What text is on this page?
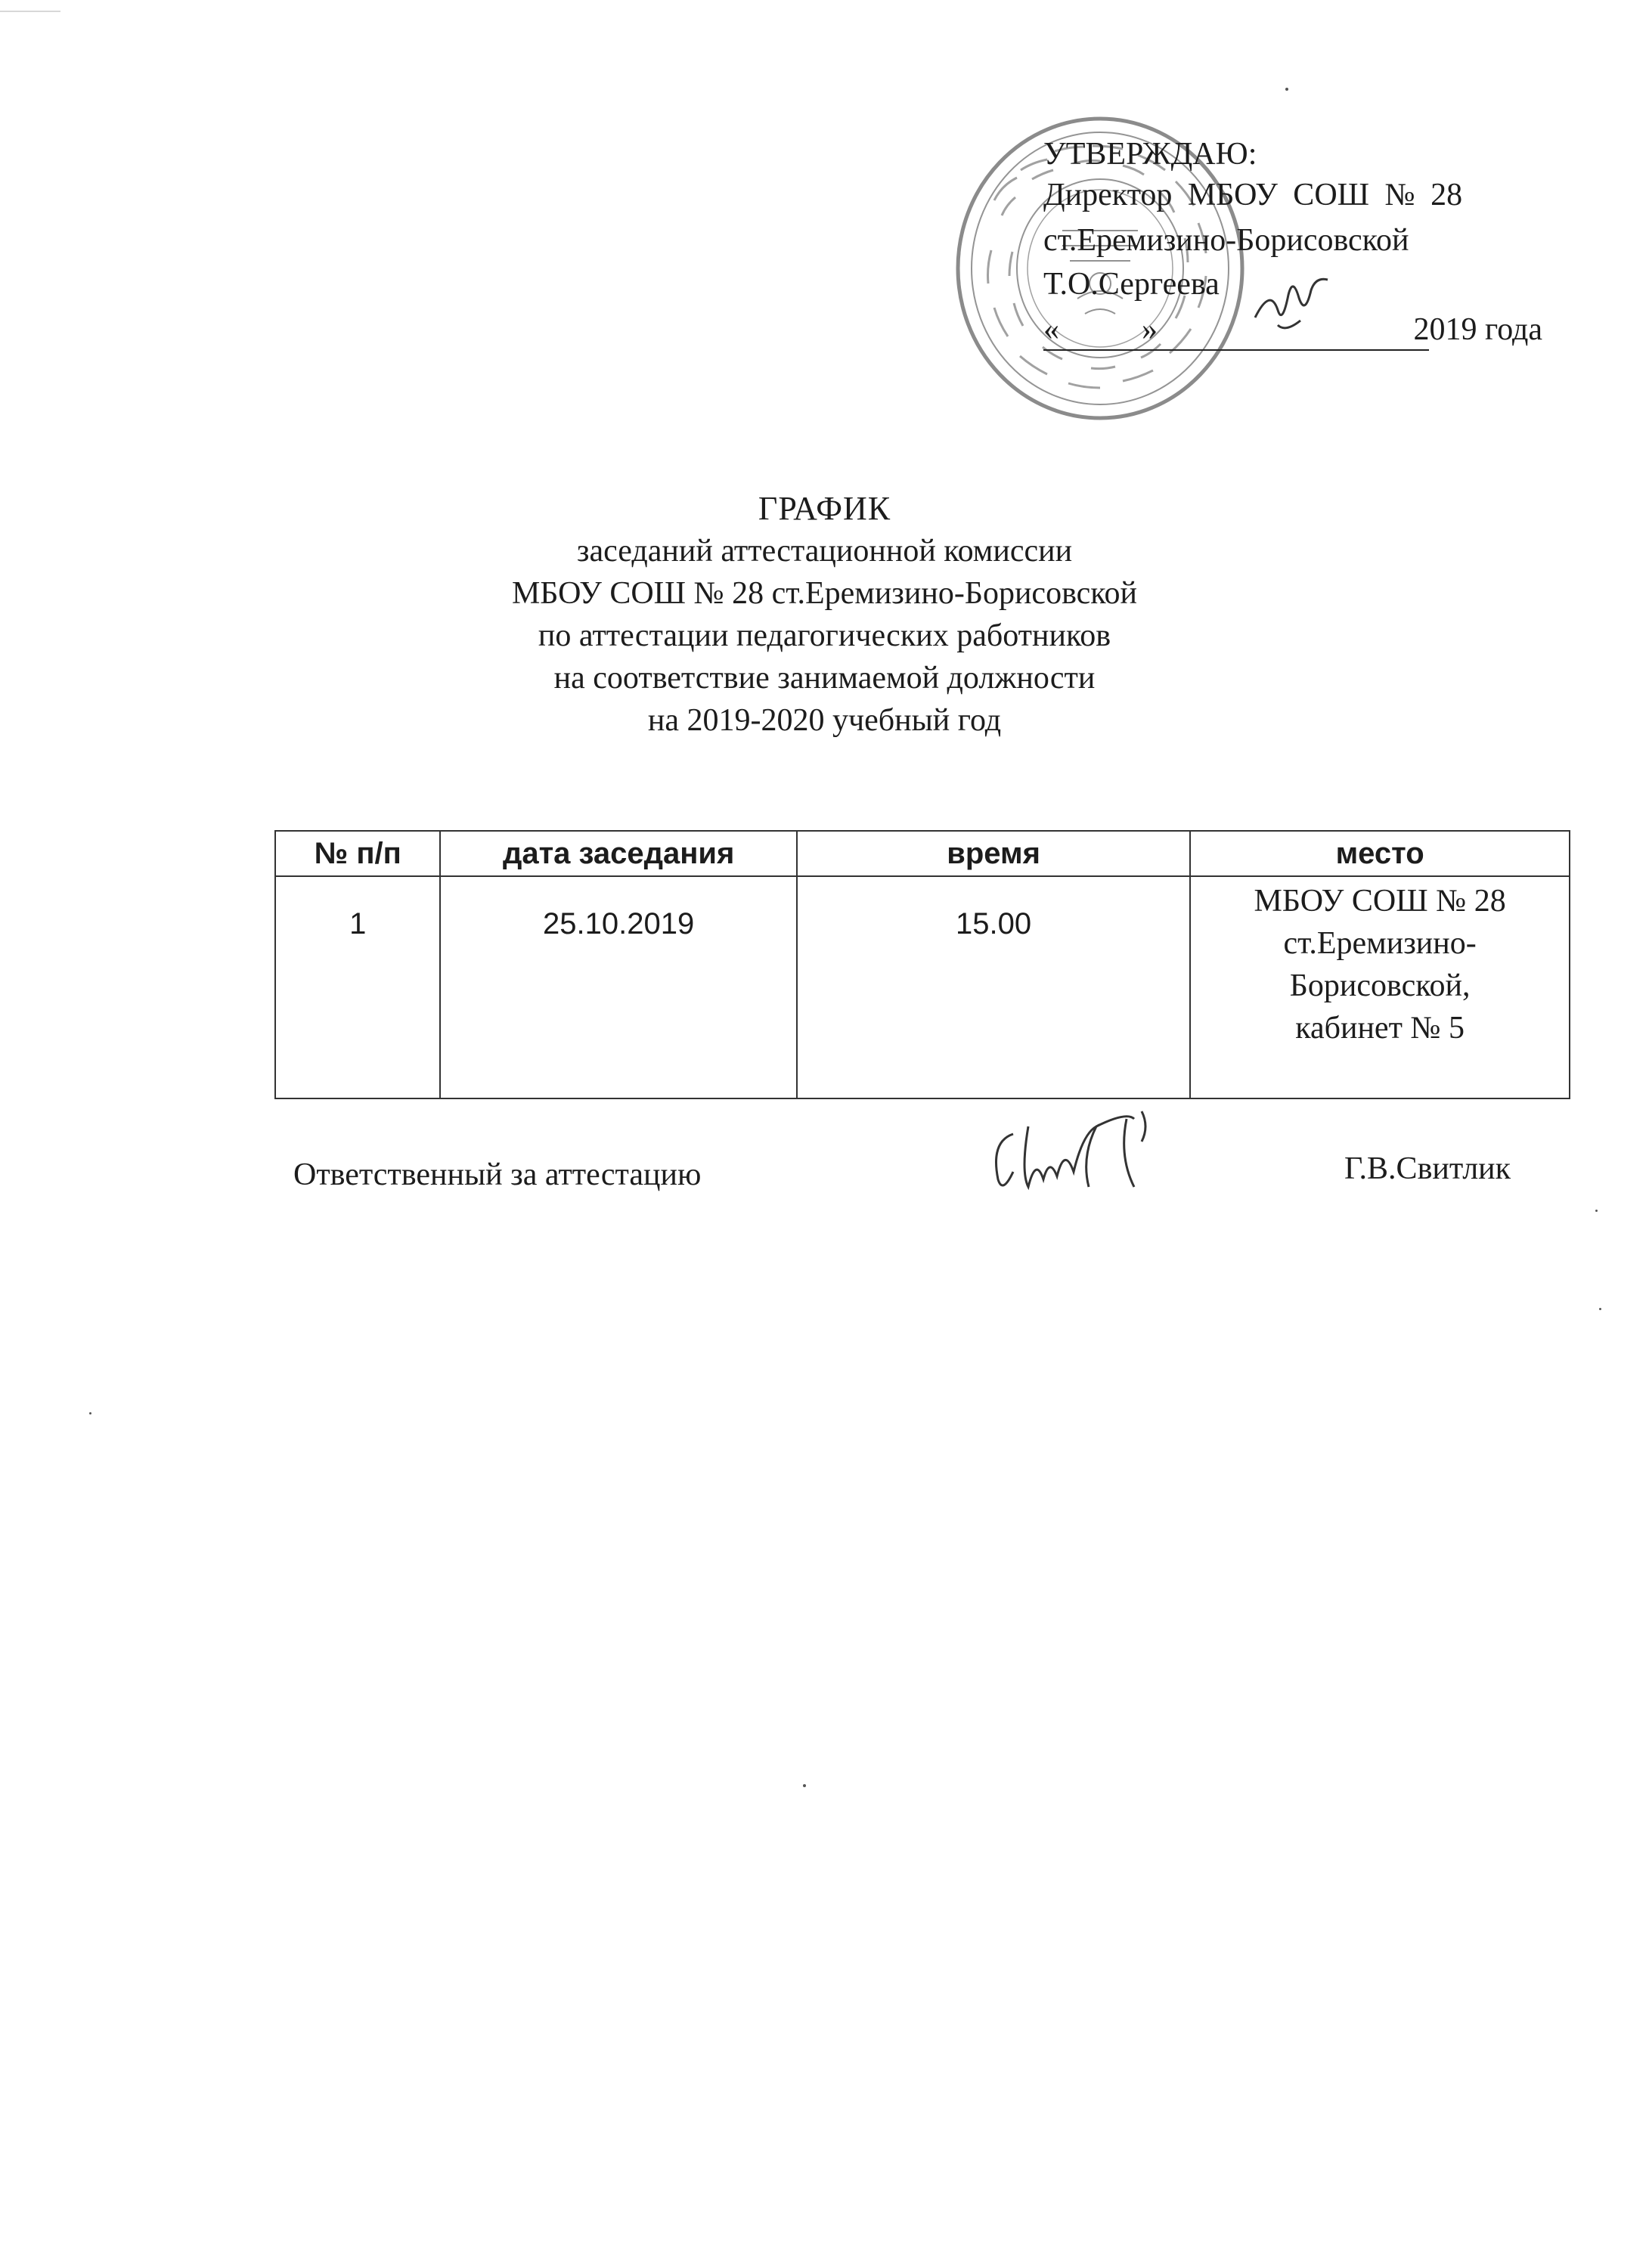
УТВЕРЖДАЮ:
Директор МБОУ СОШ № 28
ст.Еремизино-Борисовской
Т.О.Сергеева
«	»	2019 года
ГРАФИК
заседаний аттестационной комиссии
МБОУ СОШ № 28 ст.Еремизино-Борисовской
по аттестации педагогических работников
на соответствие занимаемой должности
на 2019-2020 учебный год
№ п/п	дата заседания	время	место
1	25.10.2019	15.00	МБОУ СОШ № 28
ст.Еремизино-
Борисовской,
кабинет № 5
Ответственный за аттестацию	Г.В.Свитлик
